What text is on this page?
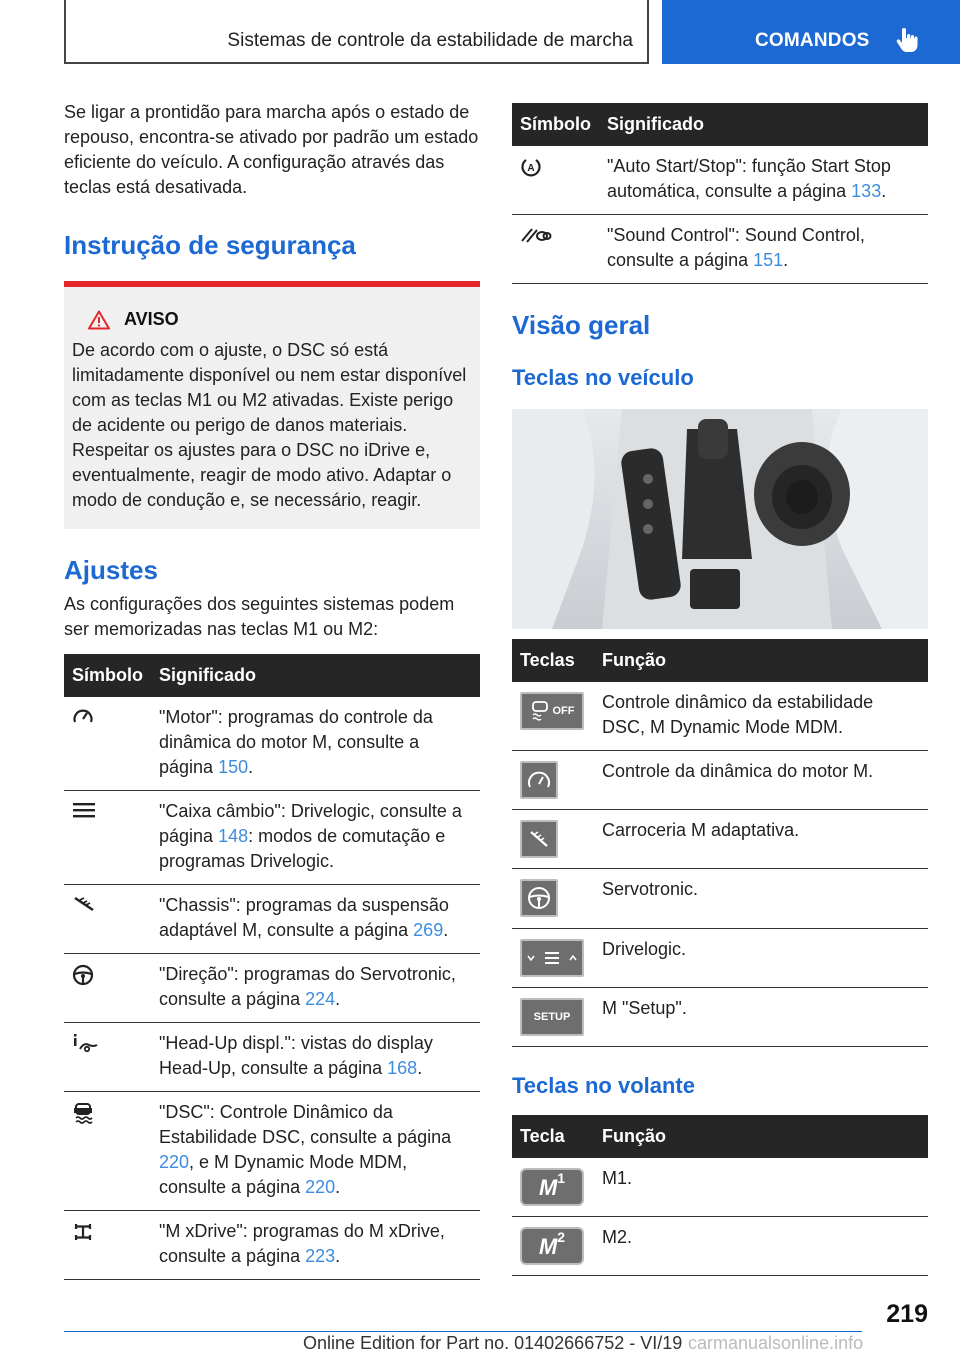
Sistemas de controle da estabilidade de marcha	COMANDOS

Se ligar a prontidão para marcha após o estado de repouso, encontra-se ativado por padrão um estado eficiente do veículo. A configuração através das teclas está desativada.

Instrução de segurança
AVISO

De acordo com o ajuste, o DSC só está limitadamente disponível ou nem estar disponível com as teclas M1 ou M2 ativadas. Existe perigo de acidente ou perigo de danos materiais. Respeitar os ajustes para o DSC no iDrive e, eventualmente, reagir de modo ativo. Adaptar o modo de condução e, se necessário, reagir.

Ajustes

As configurações dos seguintes sistemas podem ser memorizadas nas teclas M1 ou M2:

Símbolo	Significado
	"Motor": programas do controle da dinâmica do motor M, consulte a página 150.
	"Caixa câmbio": Drivelogic, consulte a página 148: modos de comutação e programas Drivelogic.
	"Chassis": programas da suspensão adaptável M, consulte a página 269.
	"Direção": programas do Servotronic, consulte a página 224.
	"Head-Up displ.": vistas do display Head-Up, consulte a página 168.
	"DSC": Controle Dinâmico da Estabilidade DSC, consulte a página 220, e M Dynamic Mode MDM, consulte a página 220.
	"M xDrive": programas do M xDrive, consulte a página 223.
Símbolo	Significado

A	"Auto Start/Stop": função Start Stop automática, consulte a página 133.
	"Sound Control": Sound Control, consulte a página 151.
Visão geral
Teclas no veículo
Teclas	Função

OFF	Controle dinâmico da estabilidade DSC, M Dynamic Mode MDM.

	Controle da dinâmica do motor M.

	Carroceria M adaptativa.

	Servotronic.

	Drivelogic.

SETUP	M "Setup".
Teclas no volante
Tecla	Função

M 1	M1.

M 2	M2.
219
Online Edition for Part no. 01402666752 - VI/19 carmanualsonline.info
